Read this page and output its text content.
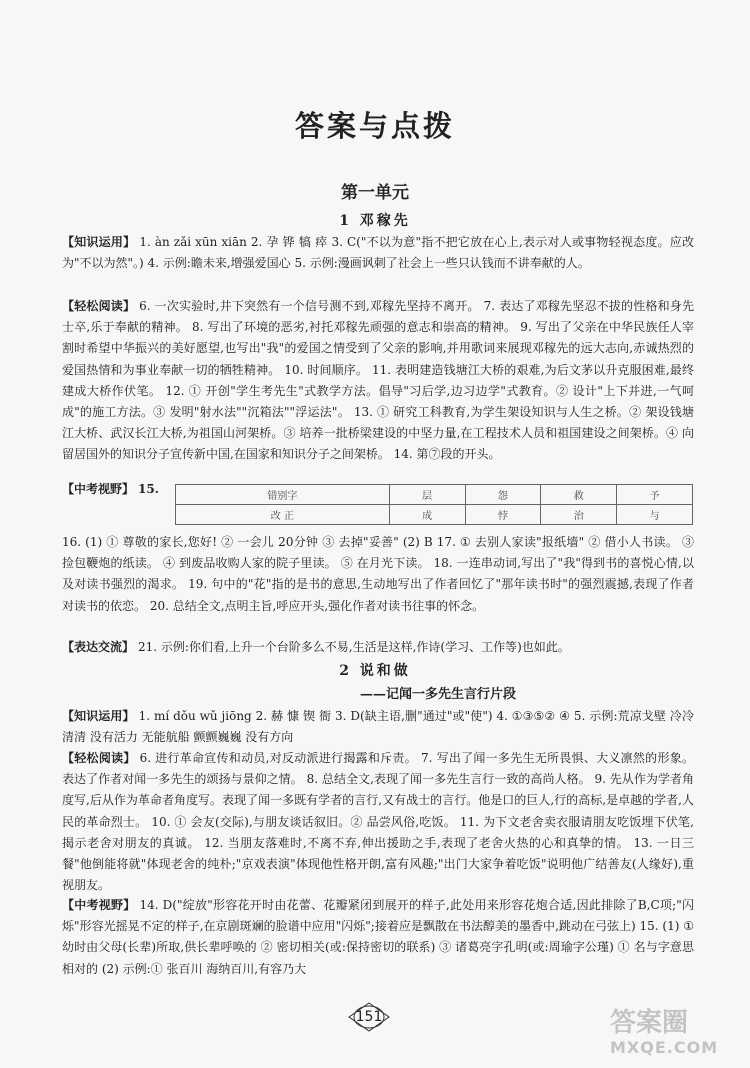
答案与点拨
第一单元
1 邓稼先

【知识运用】 1. àn zǎi xūn xiān 2. 孕 铧 犒 瘁 3. C("不以为意"指不把它放在心上,表示对人或事物轻视态度。应改为"不以为然"。) 4. 示例:瞻未来,增强爱国心 5. 示例:漫画讽刺了社会上一些只认钱而不讲奉献的人。

【轻松阅读】 6. 一次实验时,井下突然有一个信号测不到,邓稼先坚持不离开。 7. 表达了邓稼先坚忍不拔的性格和身先士卒,乐于奉献的精神。 8. 写出了环境的恶劣,衬托邓稼先顽强的意志和崇高的精神。 9. 写出了父亲在中华民族任人宰割时希望中华振兴的美好愿望,也写出"我"的爱国之情受到了父亲的影响,并用歌词来展现邓稼先的远大志向,赤诚热烈的爱国热情和为事业奉献一切的牺牲精神。 10. 时间顺序。 11. 表明建造钱塘江大桥的艰难,为后文茅以升克服困难,最终建成大桥作伏笔。 12. ① 开创"学生考先生"式教学方法。倡导"习后学,边习边学"式教育。② 设计"上下并进,一气呵成"的施工方法。③ 发明"射水法""沉箱法""浮运法"。 13. ① 研究工科教育,为学生架设知识与人生之桥。② 架设钱塘江大桥、武汉长江大桥,为祖国山河架桥。③ 培养一批桥梁建设的中坚力量,在工程技术人员和祖国建设之间架桥。④ 向留居国外的知识分子宣传新中国,在国家和知识分子之间架桥。 14. 第⑦段的开头。

【中考视野】 15.
错别字	层	怨	救	予
改 正	成	悖	治	与

16. (1) ① 尊敬的家长,您好! ② 一会儿 20分钟 ③ 去掉"妥善" (2) B 17. ① 去别人家读"报纸墙" ② 借小人书读。 ③ 捡包鞭炮的纸读。 ④ 到废品收购人家的院子里读。 ⑤ 在月光下读。 18. 一连串动词,写出了"我"得到书的喜悦心情,以及对读书强烈的渴求。 19. 句中的"花"指的是书的意思,生动地写出了作者回忆了"那年读书时"的强烈震撼,表现了作者对读书的依恋。 20. 总结全文,点明主旨,呼应开头,强化作者对读书往事的怀念。

【表达交流】 21. 示例:你们看,上升一个台阶多么不易,生活是这样,作诗(学习、工作等)也如此。

2 说和做
——记闻一多先生言行片段

【知识运用】 1. mí dǒu wǔ jiōng 2. 赫 慷 锲 衙 3. D(缺主语,删"通过"或"使") 4. ①③⑤② ④ 5. 示例:荒凉戈壁 冷冷清清 没有活力 无能航船 颤颤巍巍 没有方向

【轻松阅读】 6. 进行革命宣传和动员,对反动派进行揭露和斥责。 7. 写出了闻一多先生无所畏惧、大义凛然的形象。 表达了作者对闻一多先生的颂扬与景仰之情。 8. 总结全文,表现了闻一多先生言行一致的高尚人格。 9. 先从作为学者角度写,后从作为革命者角度写。表现了闻一多既有学者的言行,又有战士的言行。他是口的巨人,行的高标,是卓越的学者,人民的革命烈士。 10. ① 会友(交际),与朋友谈话叙旧。② 品尝风俗,吃饭。 11. 为下文老舍卖衣服请朋友吃饭埋下伏笔,揭示老舍对朋友的真诚。 12. 当朋友落难时,不离不弃,伸出援助之手,表现了老舍火热的心和真挚的情。 13. 一日三餐"他倒能将就"体现老舍的纯朴;"京戏表演"体现他性格开朗,富有风趣;"出门大家争着吃饭"说明他广结善友(人缘好),重视朋友。

【中考视野】 14. D("绽放"形容花开时由花蕾、花瓣紧闭到展开的样子,此处用来形容花炮合适,因此排除了B,C项;"闪烁"形容光摇晃不定的样子,在京剧斑斓的脸谱中应用"闪烁";接着应是飘散在书法醇美的墨香中,跳动在弓弦上) 15. (1) ① 幼时由父母(长辈)所取,供长辈呼唤的 ② 密切相关(或:保持密切的联系) ③ 诸葛亮字孔明(或:周瑜字公瑾) ① 名与字意思相对的 (2) 示例:① 张百川 海纳百川,有容乃大

151	答案圈
MXQE.COM
